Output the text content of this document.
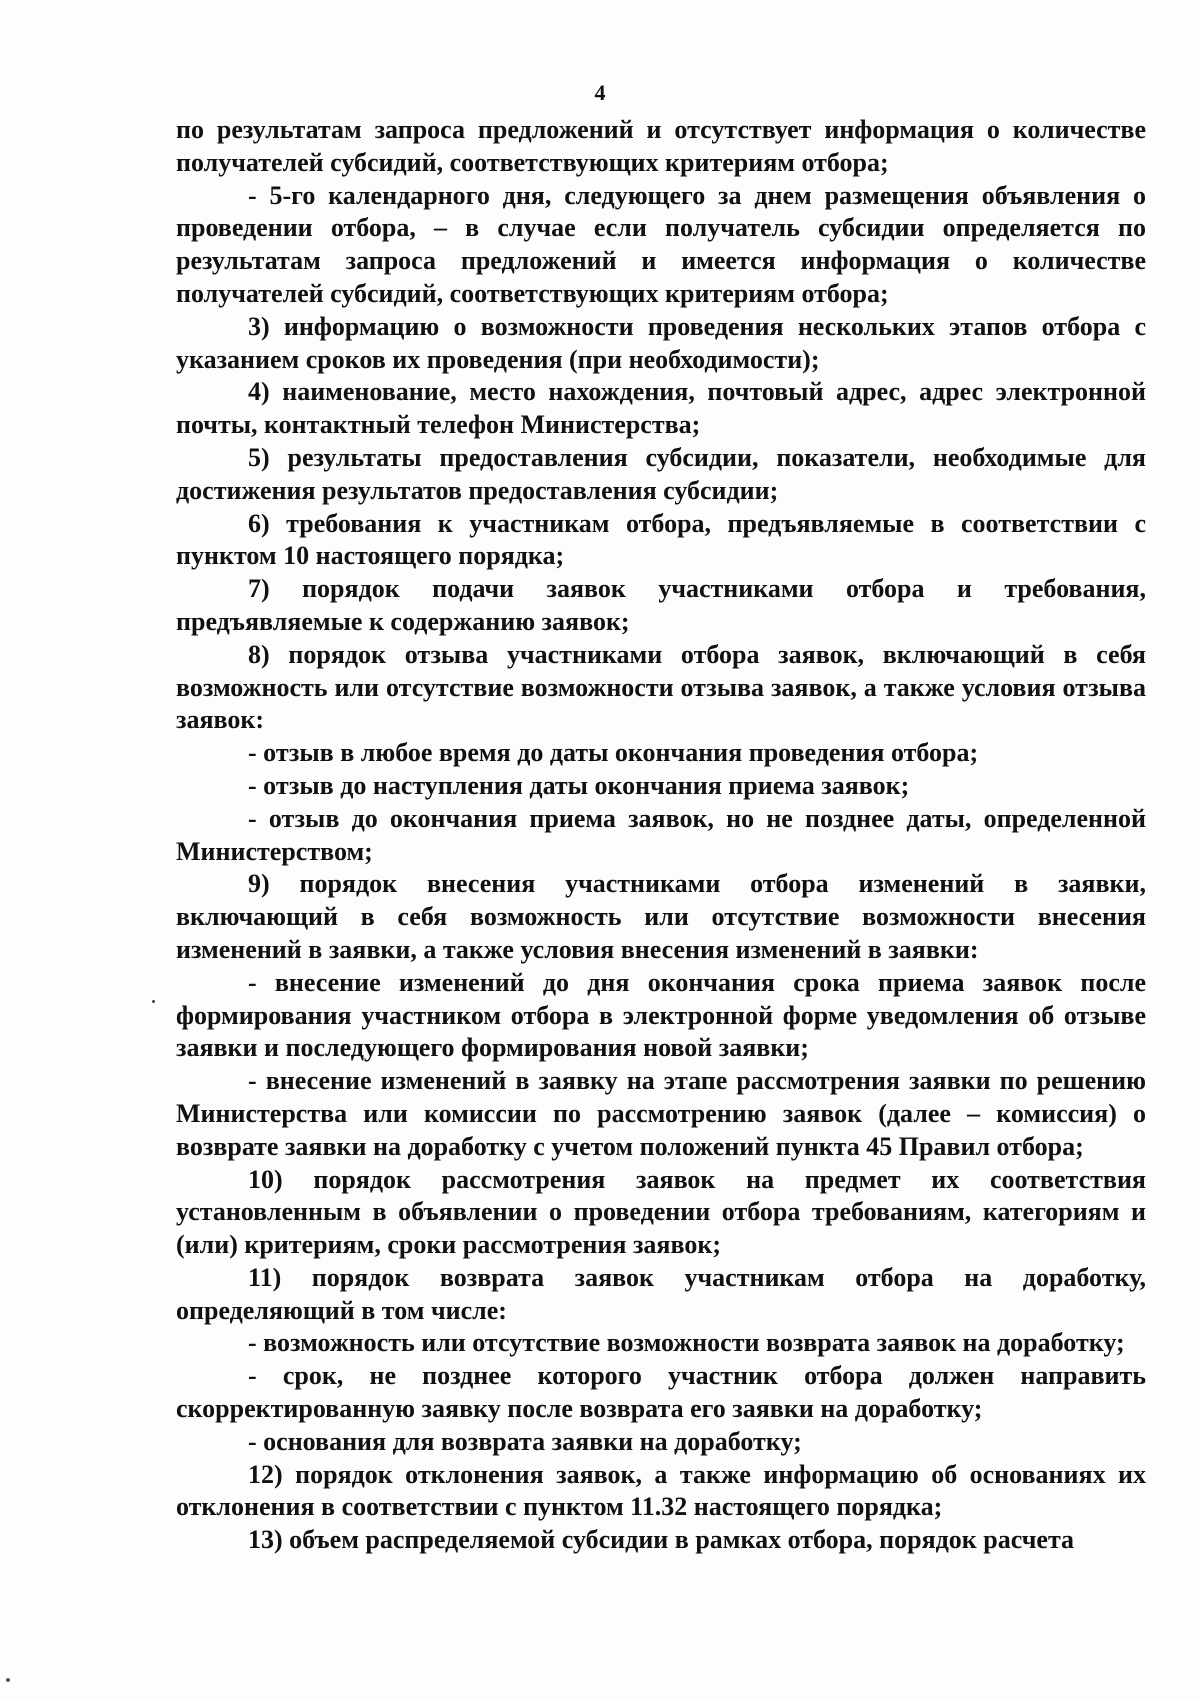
4

по результатам запроса предложений и отсутствует информация о количестве получателей субсидий, соответствующих критериям отбора;

- 5-го календарного дня, следующего за днем размещения объявления о проведении отбора, – в случае если получатель субсидии определяется по результатам запроса предложений и имеется информация о количестве получателей субсидий, соответствующих критериям отбора;

3) информацию о возможности проведения нескольких этапов отбора с указанием сроков их проведения (при необходимости);

4) наименование, место нахождения, почтовый адрес, адрес электронной почты, контактный телефон Министерства;

5) результаты предоставления субсидии, показатели, необходимые для достижения результатов предоставления субсидии;

6) требования к участникам отбора, предъявляемые в соответствии с пунктом 10 настоящего порядка;

7) порядок подачи заявок участниками отбора и требования, предъявляемые к содержанию заявок;

8) порядок отзыва участниками отбора заявок, включающий в себя возможность или отсутствие возможности отзыва заявок, а также условия отзыва заявок:

- отзыв в любое время до даты окончания проведения отбора;

- отзыв до наступления даты окончания приема заявок;

- отзыв до окончания приема заявок, но не позднее даты, определенной Министерством;

9) порядок внесения участниками отбора изменений в заявки, включающий в себя возможность или отсутствие возможности внесения изменений в заявки, а также условия внесения изменений в заявки:

- внесение изменений до дня окончания срока приема заявок после формирования участником отбора в электронной форме уведомления об отзыве заявки и последующего формирования новой заявки;

- внесение изменений в заявку на этапе рассмотрения заявки по решению Министерства или комиссии по рассмотрению заявок (далее – комиссия) о возврате заявки на доработку с учетом положений пункта 45 Правил отбора;

10) порядок рассмотрения заявок на предмет их соответствия установленным в объявлении о проведении отбора требованиям, категориям и (или) критериям, сроки рассмотрения заявок;

11) порядок возврата заявок участникам отбора на доработку, определяющий в том числе:

- возможность или отсутствие возможности возврата заявок на доработку;

- срок, не позднее которого участник отбора должен направить скорректированную заявку после возврата его заявки на доработку;

- основания для возврата заявки на доработку;

12) порядок отклонения заявок, а также информацию об основаниях их отклонения в соответствии с пунктом 11.32 настоящего порядка;

13) объем распределяемой субсидии в рамках отбора, порядок расчета
